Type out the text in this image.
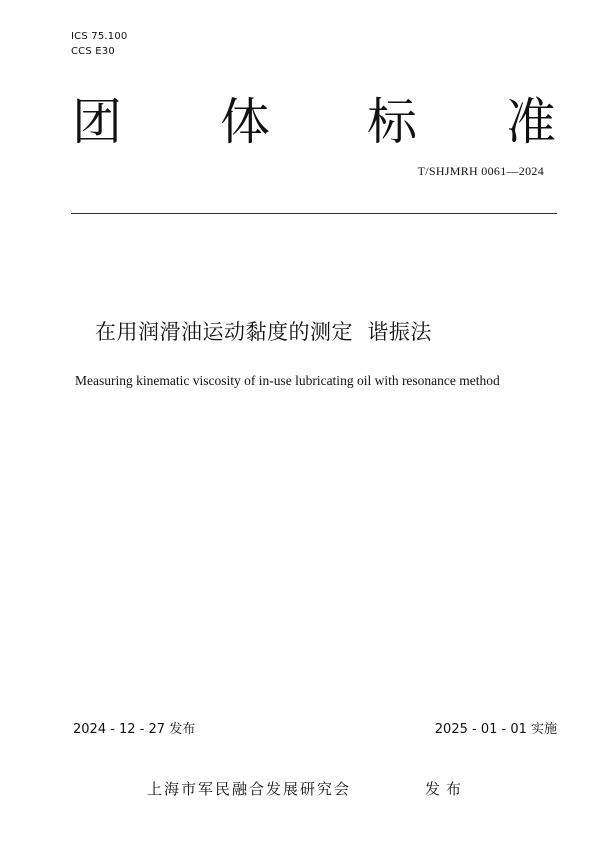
ICS 75.100
CCS E30
团 体 标 准
T/SHJMRH 0061—2024
在用润滑油运动黏度的测定  谐振法
Measuring kinematic viscosity of in-use lubricating oil with resonance method
2024 - 12 - 27 发布	2025 - 01 - 01 实施
上海市军民融合发展研究会	发布
